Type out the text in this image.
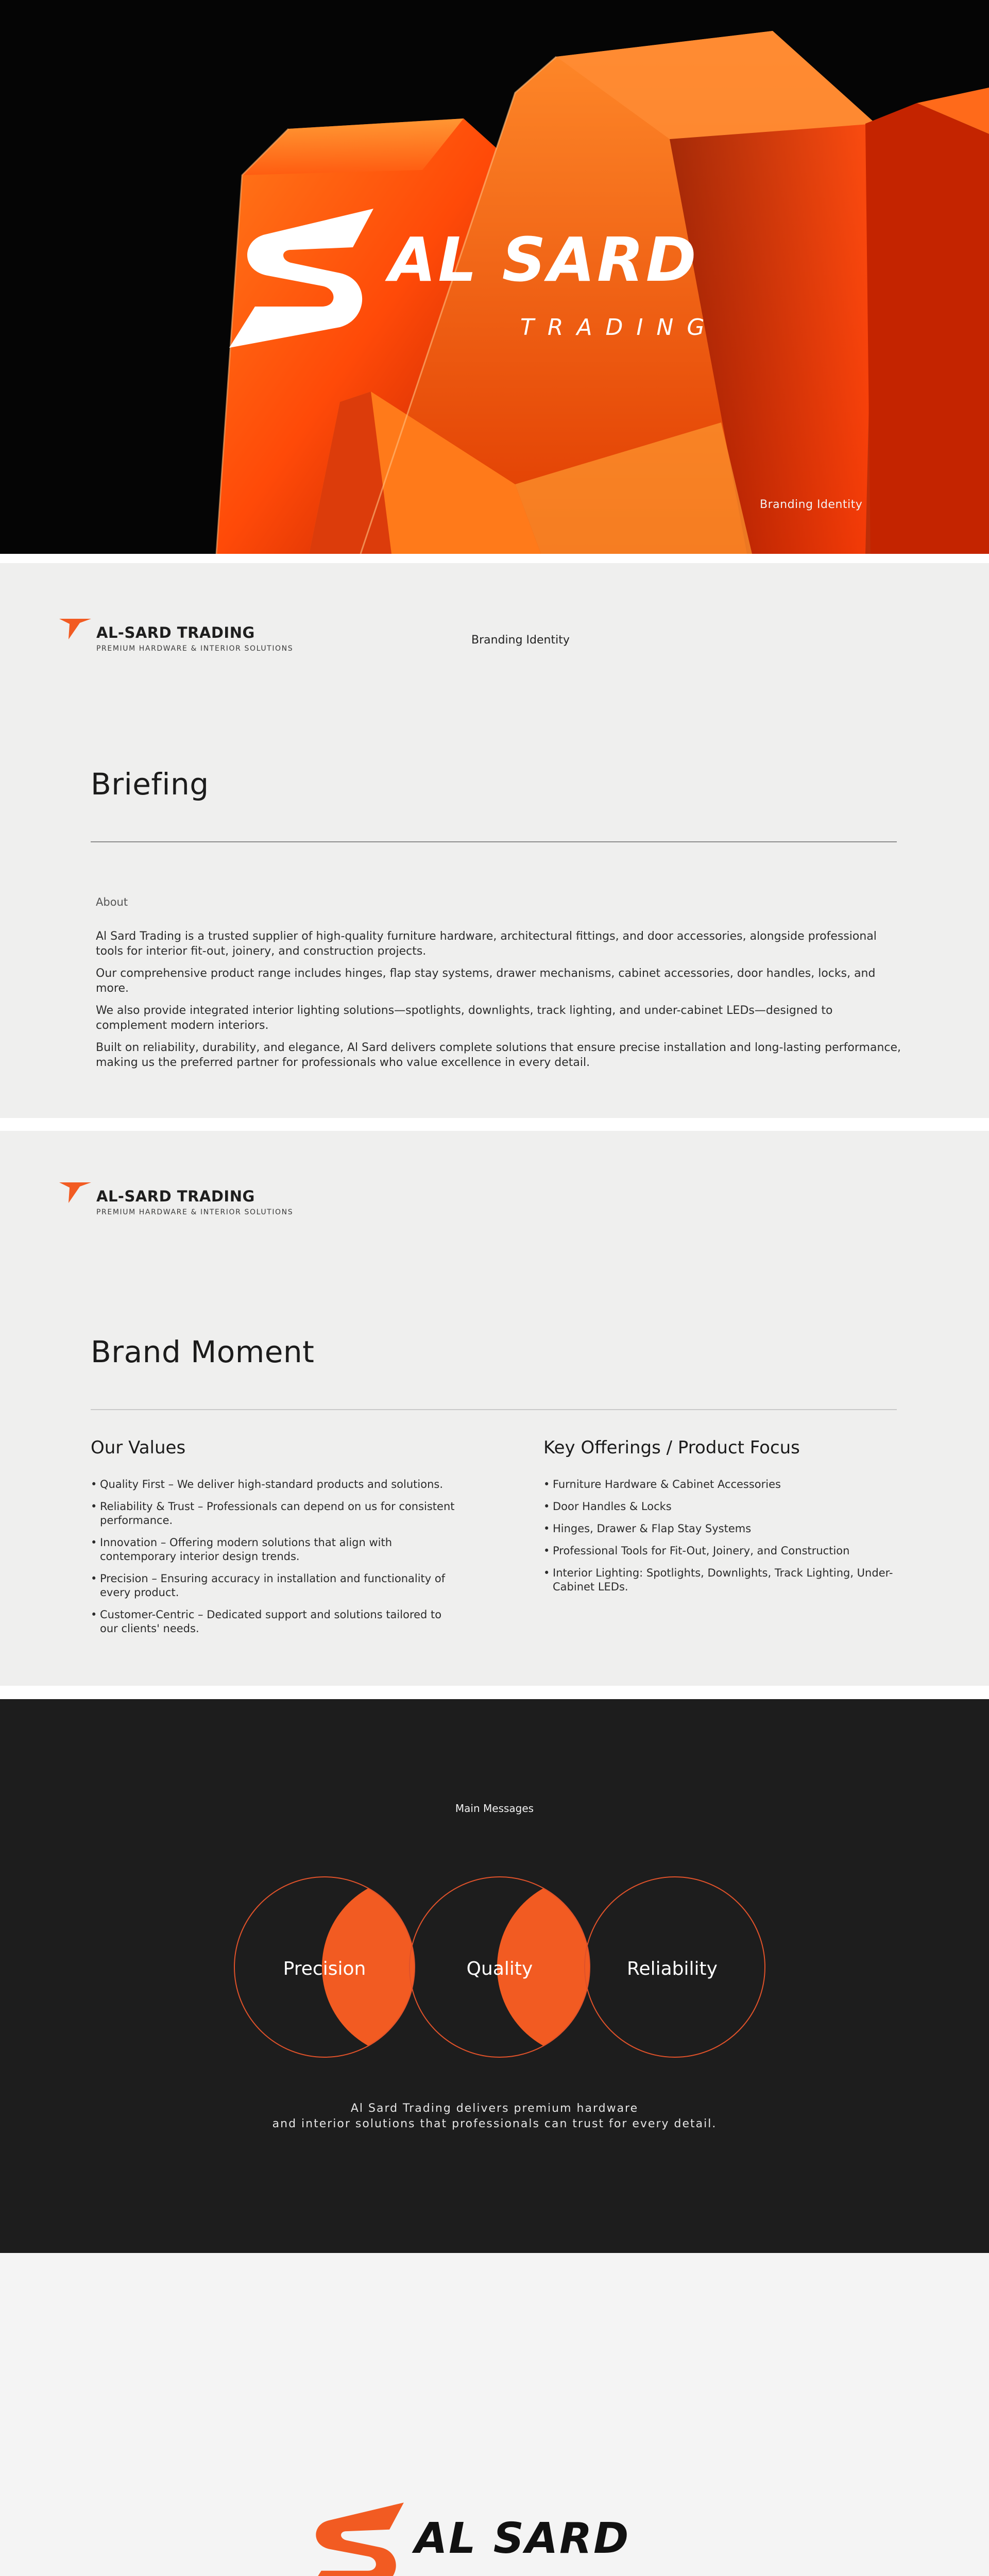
AL SARD
TRADING
Branding Identity
AL-SARD TRADING
PREMIUM HARDWARE & INTERIOR SOLUTIONS
Branding Identity
Briefing
About

Al Sard Trading is a trusted supplier of high-quality furniture hardware, architectural fittings, and door accessories, alongside professional tools for interior fit-out, joinery, and construction projects.

Our comprehensive product range includes hinges, flap stay systems, drawer mechanisms, cabinet accessories, door handles, locks, and more.

We also provide integrated interior lighting solutions—spotlights, downlights, track lighting, and under-cabinet LEDs—designed to complement modern interiors.

Built on reliability, durability, and elegance, Al Sard delivers complete solutions that ensure precise installation and long-lasting performance, making us the preferred partner for professionals who value excellence in every detail.

AL-SARD TRADING
PREMIUM HARDWARE & INTERIOR SOLUTIONS
Brand Moment
Our Values
• Quality First – We deliver high-standard products and solutions.
• Reliability & Trust – Professionals can depend on us for consistent performance.
• Innovation – Offering modern solutions that align with contemporary interior design trends.
• Precision – Ensuring accuracy in installation and functionality of every product.
• Customer-Centric – Dedicated support and solutions tailored to our clients' needs.
Key Offerings / Product Focus
• Furniture Hardware & Cabinet Accessories
• Door Handles & Locks
• Hinges, Drawer & Flap Stay Systems
• Professional Tools for Fit-Out, Joinery, and Construction
• Interior Lighting: Spotlights, Downlights, Track Lighting, Under-Cabinet LEDs.
Main Messages
Precision	Quality	Reliability
Al Sard Trading delivers premium hardware
and interior solutions that professionals can trust for every detail.
AL SARD
